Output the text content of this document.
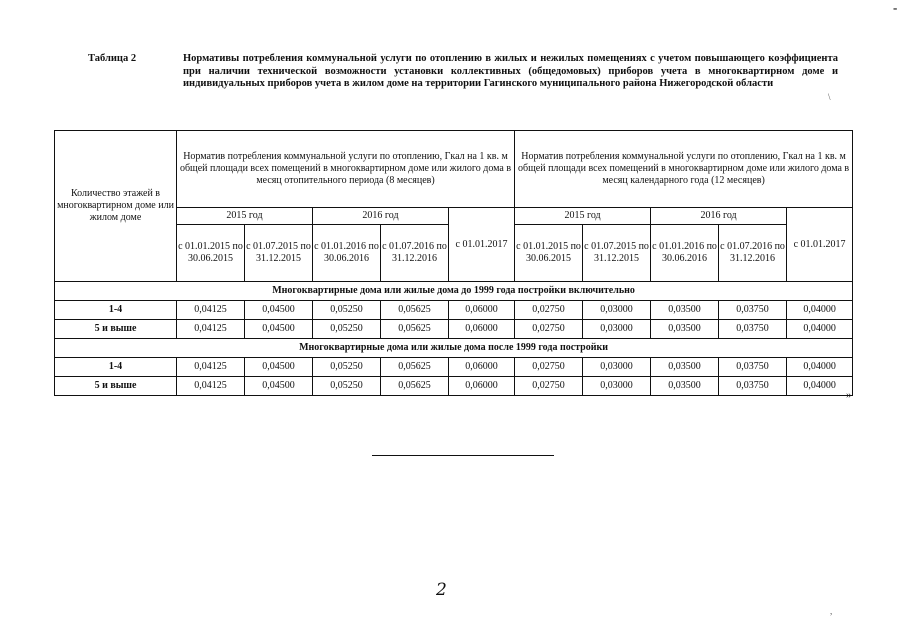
-
Таблица 2	Нормативы потребления коммунальной услуги по отоплению в жилых и нежилых помещениях с учетом повышающего коэффициента при наличии технической возможности установки коллективных (общедомовых) приборов учета в многоквартирном доме и индивидуальных приборов учета в жилом доме на территории Гагинского муниципального района Нижегородской области
\
Количество этажей в многоквартирном доме или жилом доме	Норматив потребления коммунальной услуги по отоплению, Гкал на 1 кв. м общей площади всех помещений в многоквартирном доме или жилого дома в месяц отопительного периода (8 месяцев)					Норматив потребления коммунальной услуги по отоплению, Гкал на 1 кв. м общей площади всех помещений в многоквартирном доме или жилого дома в месяц календарного года (12 месяцев)				
	2015 год		2016 год		с 01.01.2017	2015 год		2016 год		с 01.01.2017
	с 01.01.2015 по 30.06.2015	с 01.07.2015 по 31.12.2015	с 01.01.2016 по 30.06.2016	с 01.07.2016 по 31.12.2016		с 01.01.2015 по 30.06.2015	с 01.07.2015 по 31.12.2015	с 01.01.2016 по 30.06.2016	с 01.07.2016 по 31.12.2016	
Многоквартирные дома или жилые дома до 1999 года постройки включительно										
1-4	0,04125	0,04500	0,05250	0,05625	0,06000	0,02750	0,03000	0,03500	0,03750	0,04000
5 и выше	0,04125	0,04500	0,05250	0,05625	0,06000	0,02750	0,03000	0,03500	0,03750	0,04000
Многоквартирные дома или жилые дома после 1999 года постройки										
1-4	0,04125	0,04500	0,05250	0,05625	0,06000	0,02750	0,03000	0,03500	0,03750	0,04000
5 и выше	0,04125	0,04500	0,05250	0,05625	0,06000	0,02750	0,03000	0,03500	0,03750	0,04000
»
2
,
